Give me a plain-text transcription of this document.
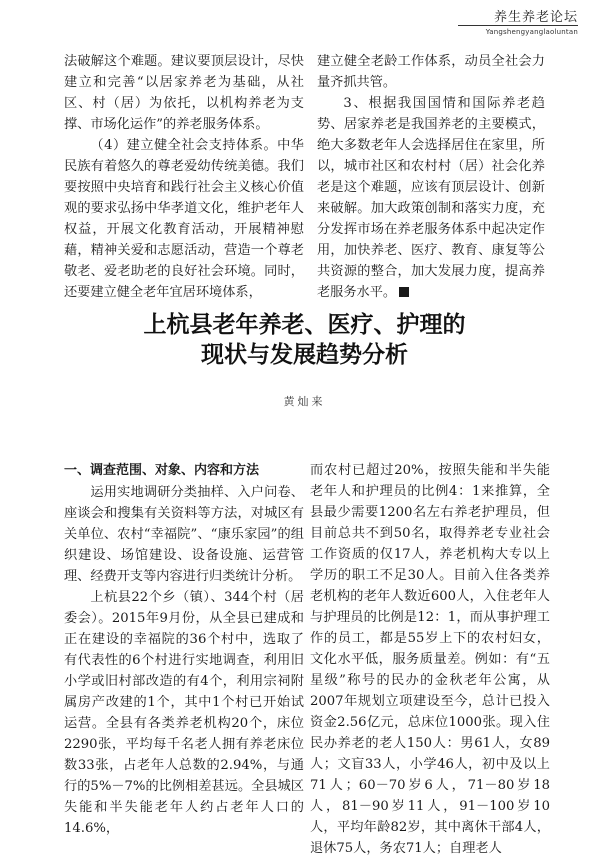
养生养老论坛
Yangshengyanglaoluntan

法破解这个难题。建议要顶层设计，尽快建立和完善“以居家养老为基础，从社区、村（居）为依托，以机构养老为支撑、市场化运作”的养老服务体系。

（4）建立健全社会支持体系。中华民族有着悠久的尊老爱幼传统美德。我们要按照中央培育和践行社会主义核心价值观的要求弘扬中华孝道文化，维护老年人权益，开展文化教育活动，开展精神慰藉，精神关爱和志愿活动，营造一个尊老敬老、爱老助老的良好社会环境。同时，还要建立健全老年宜居环境体系，

建立健全老龄工作体系，动员全社会力量齐抓共管。

3、根据我国国情和国际养老趋势、居家养老是我国养老的主要模式，绝大多数老年人会选择居住在家里，所以，城市社区和农村村（居）社会化养老是这个难题，应该有顶层设计、创新来破解。加大政策创制和落实力度，充分发挥市场在养老服务体系中起决定作用，加快养老、医疗、教育、康复等公共资源的整合，加大发展力度，提高养老服务水平。

上杭县老年养老、医疗、护理的
现状与发展趋势分析
黄灿来

一、调查范围、对象、内容和方法

运用实地调研分类抽样、入户问卷、座谈会和搜集有关资料等方法，对城区有关单位、农村“幸福院”、“康乐家园”的组织建设、场馆建设、设备设施、运营管理、经费开支等内容进行归类统计分析。

上杭县22个乡（镇）、344个村（居委会）。2015年9月份，从全县已建成和正在建设的幸福院的36个村中，选取了有代表性的6个村进行实地调查，利用旧小学或旧村部改造的有4个，利用宗祠附属房产改建的1个，其中1个村已开始试运营。全县有各类养老机构20个，床位2290张，平均每千名老人拥有养老床位数33张，占老年人总数的2.94%，与通行的5%－7%的比例相差甚远。全县城区失能和半失能老年人约占老年人口的14.6%，

而农村已超过20%，按照失能和半失能老年人和护理员的比例4：1来推算，全县最少需要1200名左右养老护理员，但目前总共不到50名，取得养老专业社会工作资质的仅17人，养老机构大专以上学历的职工不足30人。目前入住各类养老机构的老年人数近600人，入住老年人与护理员的比例是12：1，而从事护理工作的员工，都是55岁上下的农村妇女，文化水平低，服务质量差。例如：有“五星级”称号的民办的金秋老年公寓，从2007年规划立项建设至今，总计已投入资金2.56亿元，总床位1000张。现入住民办养老的老人150人：男61人，女89人；文盲33人，小学46人，初中及以上71人；60－70岁6人，71－80岁18人，81－90岁11人，91－100岁10人，平均年龄82岁，其中离休干部4人，退休75人，务农71人；自理老人
